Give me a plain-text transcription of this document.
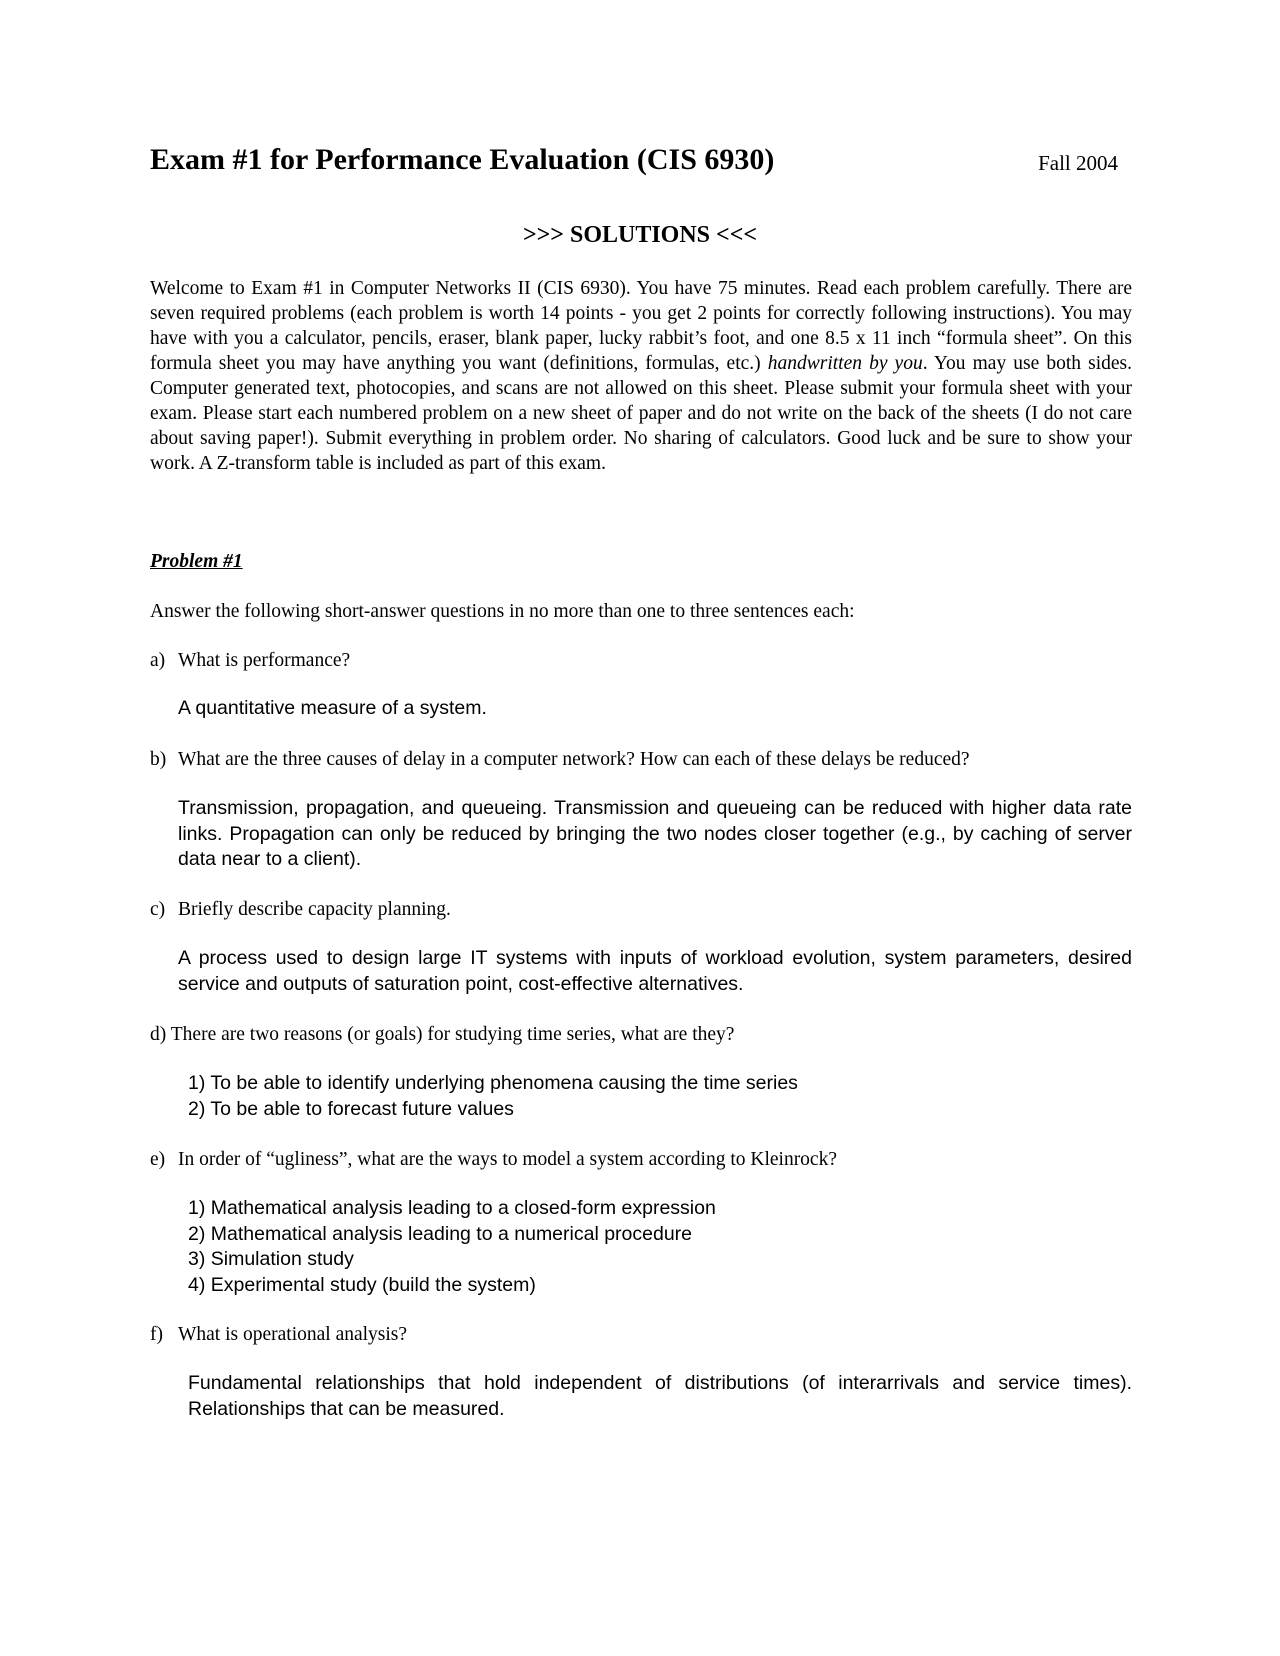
Exam #1 for Performance Evaluation (CIS 6930)	Fall 2004
>>> SOLUTIONS <<<
Welcome to Exam #1 in Computer Networks II (CIS 6930). You have 75 minutes. Read each problem carefully. There are seven required problems (each problem is worth 14 points - you get 2 points for correctly following instructions). You may have with you a calculator, pencils, eraser, blank paper, lucky rabbit’s foot, and one 8.5 x 11 inch “formula sheet”. On this formula sheet you may have anything you want (definitions, formulas, etc.) handwritten by you. You may use both sides. Computer generated text, photocopies, and scans are not allowed on this sheet. Please submit your formula sheet with your exam. Please start each numbered problem on a new sheet of paper and do not write on the back of the sheets (I do not care about saving paper!). Submit everything in problem order. No sharing of calculators. Good luck and be sure to show your work. A Z-transform table is included as part of this exam.
Problem #1
Answer the following short-answer questions in no more than one to three sentences each:
a) What is performance?
A quantitative measure of a system.
b) What are the three causes of delay in a computer network? How can each of these delays be reduced?
Transmission, propagation, and queueing. Transmission and queueing can be reduced with higher data rate links. Propagation can only be reduced by bringing the two nodes closer together (e.g., by caching of server data near to a client).
c) Briefly describe capacity planning.
A process used to design large IT systems with inputs of workload evolution, system parameters, desired service and outputs of saturation point, cost-effective alternatives.
d) There are two reasons (or goals) for studying time series, what are they?
1) To be able to identify underlying phenomena causing the time series
2) To be able to forecast future values
e) In order of “ugliness”, what are the ways to model a system according to Kleinrock?
1) Mathematical analysis leading to a closed-form expression
2) Mathematical analysis leading to a numerical procedure
3) Simulation study
4) Experimental study (build the system)
f) What is operational analysis?
Fundamental relationships that hold independent of distributions (of interarrivals and service times). Relationships that can be measured.
